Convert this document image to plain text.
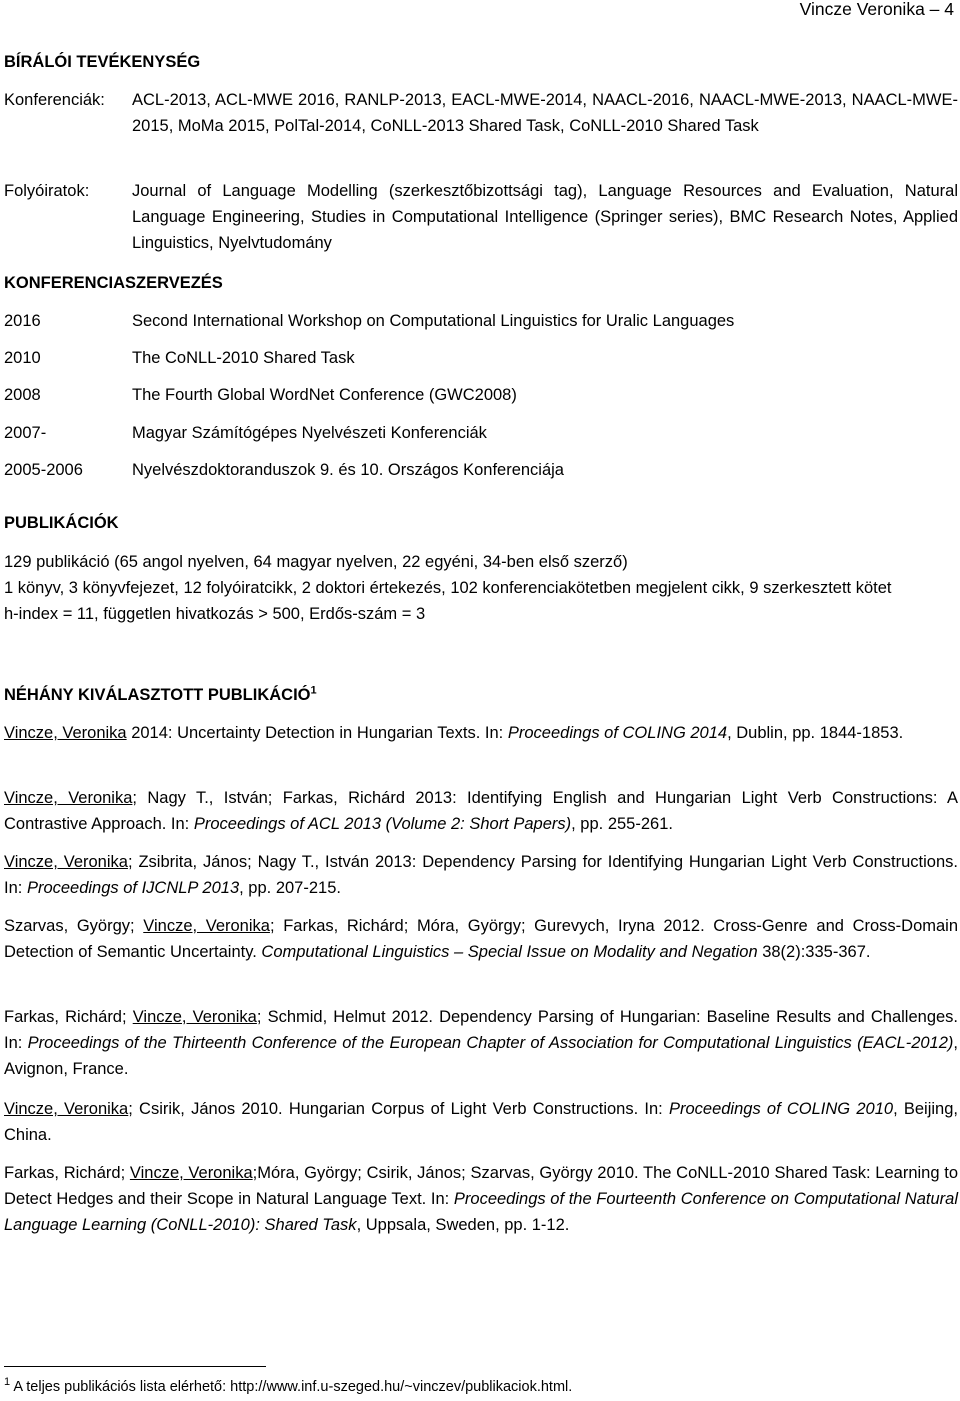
Vincze Veronika – 4
BÍRÁLÓI TEVÉKENYSÉG
Konferenciák:	ACL-2013, ACL-MWE 2016, RANLP-2013, EACL-MWE-2014, NAACL-2016, NAACL-MWE-2013, NAACL-MWE-2015, MoMa 2015, PolTal-2014, CoNLL-2013 Shared Task, CoNLL-2010 Shared Task
Folyóiratok:	Journal of Language Modelling (szerkesztőbizottsági tag), Language Resources and Evaluation, Natural Language Engineering, Studies in Computational Intelligence (Springer series), BMC Research Notes, Applied Linguistics, Nyelvtudomány
KONFERENCIASZERVEZÉS
2016	Second International Workshop on Computational Linguistics for Uralic Languages
2010	The CoNLL-2010 Shared Task
2008	The Fourth Global WordNet Conference (GWC2008)
2007-	Magyar Számítógépes Nyelvészeti Konferenciák
2005-2006	Nyelvészdoktoranduszok 9. és 10. Országos Konferenciája
PUBLIKÁCIÓK
129 publikáció (65 angol nyelven, 64 magyar nyelven, 22 egyéni, 34-ben első szerző)
1 könyv, 3 könyvfejezet, 12 folyóiratcikk, 2 doktori értekezés, 102 konferenciakötetben megjelent cikk, 9 szerkesztett kötet
h-index = 11, független hivatkozás > 500, Erdős-szám = 3
NÉHÁNY KIVÁLASZTOTT PUBLIKÁCIÓ$^1$
Vincze, Veronika 2014: Uncertainty Detection in Hungarian Texts. In: Proceedings of COLING 2014, Dublin, pp. 1844-1853.
Vincze, Veronika; Nagy T., István; Farkas, Richárd 2013: Identifying English and Hungarian Light Verb Constructions: A Contrastive Approach. In: Proceedings of ACL 2013 (Volume 2: Short Papers), pp. 255-261.
Vincze, Veronika; Zsibrita, János; Nagy T., István 2013: Dependency Parsing for Identifying Hungarian Light Verb Constructions. In: Proceedings of IJCNLP 2013, pp. 207-215.
Szarvas, György; Vincze, Veronika; Farkas, Richárd; Móra, György; Gurevych, Iryna 2012. Cross-Genre and Cross-Domain Detection of Semantic Uncertainty. Computational Linguistics – Special Issue on Modality and Negation 38(2):335-367.
Farkas, Richárd; Vincze, Veronika; Schmid, Helmut 2012. Dependency Parsing of Hungarian: Baseline Results and Challenges. In: Proceedings of the Thirteenth Conference of the European Chapter of Association for Computational Linguistics (EACL-2012), Avignon, France.
Vincze, Veronika; Csirik, János 2010. Hungarian Corpus of Light Verb Constructions. In: Proceedings of COLING 2010, Beijing, China.
Farkas, Richárd; Vincze, Veronika;Móra, György; Csirik, János; Szarvas, György 2010. The CoNLL-2010 Shared Task: Learning to Detect Hedges and their Scope in Natural Language Text. In: Proceedings of the Fourteenth Conference on Computational Natural Language Learning (CoNLL-2010): Shared Task, Uppsala, Sweden, pp. 1-12.
$^1$ A teljes publikációs lista elérhető: http://www.inf.u-szeged.hu/~vinczev/publikaciok.html.
